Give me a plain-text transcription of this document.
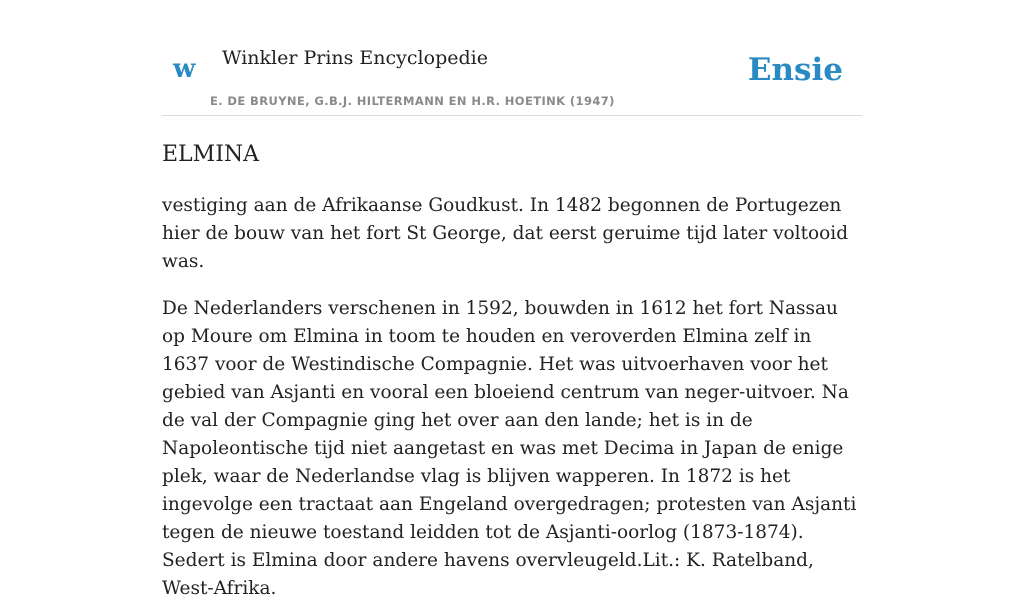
w Winkler Prins Encyclopedie
E. DE BRUYNE, G.B.J. HILTERMANN EN H.R. HOETINK (1947)
Ensie
ELMINA

vestiging aan de Afrikaanse Goudkust. In 1482 begonnen de Portugezen hier de bouw van het fort St George, dat eerst geruime tijd later voltooid was.

De Nederlanders verschenen in 1592, bouwden in 1612 het fort Nassau op Moure om Elmina in toom te houden en veroverden Elmina zelf in 1637 voor de Westindische Compagnie. Het was uitvoerhaven voor het gebied van Asjanti en vooral een bloeiend centrum van neger-uitvoer. Na de val der Compagnie ging het over aan den lande; het is in de Napoleontische tijd niet aangetast en was met Decima in Japan de enige plek, waar de Nederlandse vlag is blijven wapperen. In 1872 is het ingevolge een tractaat aan Engeland overgedragen; protesten van Asjanti tegen de nieuwe toestand leidden tot de Asjanti-oorlog (1873-1874). Sedert is Elmina door andere havens overvleugeld.Lit.: K. Ratelband, West-Afrika.
